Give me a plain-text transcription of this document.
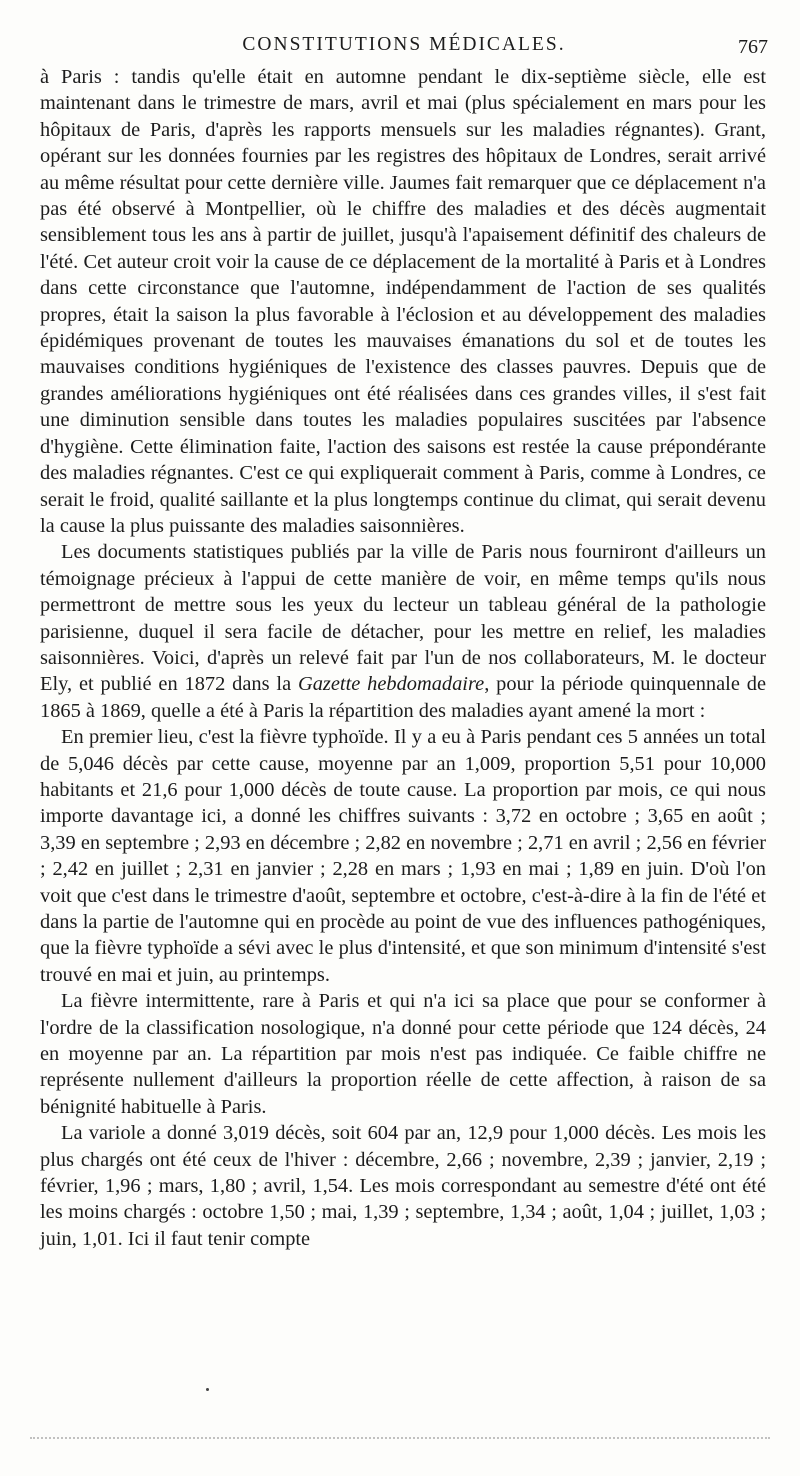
CONSTITUTIONS MÉDICALES.	767

à Paris : tandis qu'elle était en automne pendant le dix-septième siècle, elle est maintenant dans le trimestre de mars, avril et mai (plus spécialement en mars pour les hôpitaux de Paris, d'après les rapports mensuels sur les maladies régnantes). Grant, opérant sur les données fournies par les registres des hôpitaux de Londres, serait arrivé au même résultat pour cette dernière ville. Jaumes fait remarquer que ce déplacement n'a pas été observé à Montpellier, où le chiffre des maladies et des décès augmentait sensiblement tous les ans à partir de juillet, jusqu'à l'apaisement définitif des chaleurs de l'été. Cet auteur croit voir la cause de ce déplacement de la mortalité à Paris et à Londres dans cette circonstance que l'automne, indépendamment de l'action de ses qualités propres, était la saison la plus favorable à l'éclosion et au développement des maladies épidémiques provenant de toutes les mauvaises émanations du sol et de toutes les mauvaises conditions hygiéniques de l'existence des classes pauvres. Depuis que de grandes améliorations hygiéniques ont été réalisées dans ces grandes villes, il s'est fait une diminution sensible dans toutes les maladies populaires suscitées par l'absence d'hygiène. Cette élimination faite, l'action des saisons est restée la cause prépondérante des maladies régnantes. C'est ce qui expliquerait comment à Paris, comme à Londres, ce serait le froid, qualité saillante et la plus longtemps continue du climat, qui serait devenu la cause la plus puissante des maladies saisonnières.

Les documents statistiques publiés par la ville de Paris nous fourniront d'ailleurs un témoignage précieux à l'appui de cette manière de voir, en même temps qu'ils nous permettront de mettre sous les yeux du lecteur un tableau général de la pathologie parisienne, duquel il sera facile de détacher, pour les mettre en relief, les maladies saisonnières. Voici, d'après un relevé fait par l'un de nos collaborateurs, M. le docteur Ely, et publié en 1872 dans la Gazette hebdomadaire, pour la période quinquennale de 1865 à 1869, quelle a été à Paris la répartition des maladies ayant amené la mort :

En premier lieu, c'est la fièvre typhoïde. Il y a eu à Paris pendant ces 5 années un total de 5,046 décès par cette cause, moyenne par an 1,009, proportion 5,51 pour 10,000 habitants et 21,6 pour 1,000 décès de toute cause. La proportion par mois, ce qui nous importe davantage ici, a donné les chiffres suivants : 3,72 en octobre ; 3,65 en août ; 3,39 en septembre ; 2,93 en décembre ; 2,82 en novembre ; 2,71 en avril ; 2,56 en février ; 2,42 en juillet ; 2,31 en janvier ; 2,28 en mars ; 1,93 en mai ; 1,89 en juin. D'où l'on voit que c'est dans le trimestre d'août, septembre et octobre, c'est-à-dire à la fin de l'été et dans la partie de l'automne qui en procède au point de vue des influences pathogéniques, que la fièvre typhoïde a sévi avec le plus d'intensité, et que son minimum d'intensité s'est trouvé en mai et juin, au printemps.

La fièvre intermittente, rare à Paris et qui n'a ici sa place que pour se conformer à l'ordre de la classification nosologique, n'a donné pour cette période que 124 décès, 24 en moyenne par an. La répartition par mois n'est pas indiquée. Ce faible chiffre ne représente nullement d'ailleurs la proportion réelle de cette affection, à raison de sa bénignité habituelle à Paris.

La variole a donné 3,019 décès, soit 604 par an, 12,9 pour 1,000 décès. Les mois les plus chargés ont été ceux de l'hiver : décembre, 2,66 ; novembre, 2,39 ; janvier, 2,19 ; février, 1,96 ; mars, 1,80 ; avril, 1,54. Les mois correspondant au semestre d'été ont été les moins chargés : octobre 1,50 ; mai, 1,39 ; septembre, 1,34 ; août, 1,04 ; juillet, 1,03 ; juin, 1,01. Ici il faut tenir compte
